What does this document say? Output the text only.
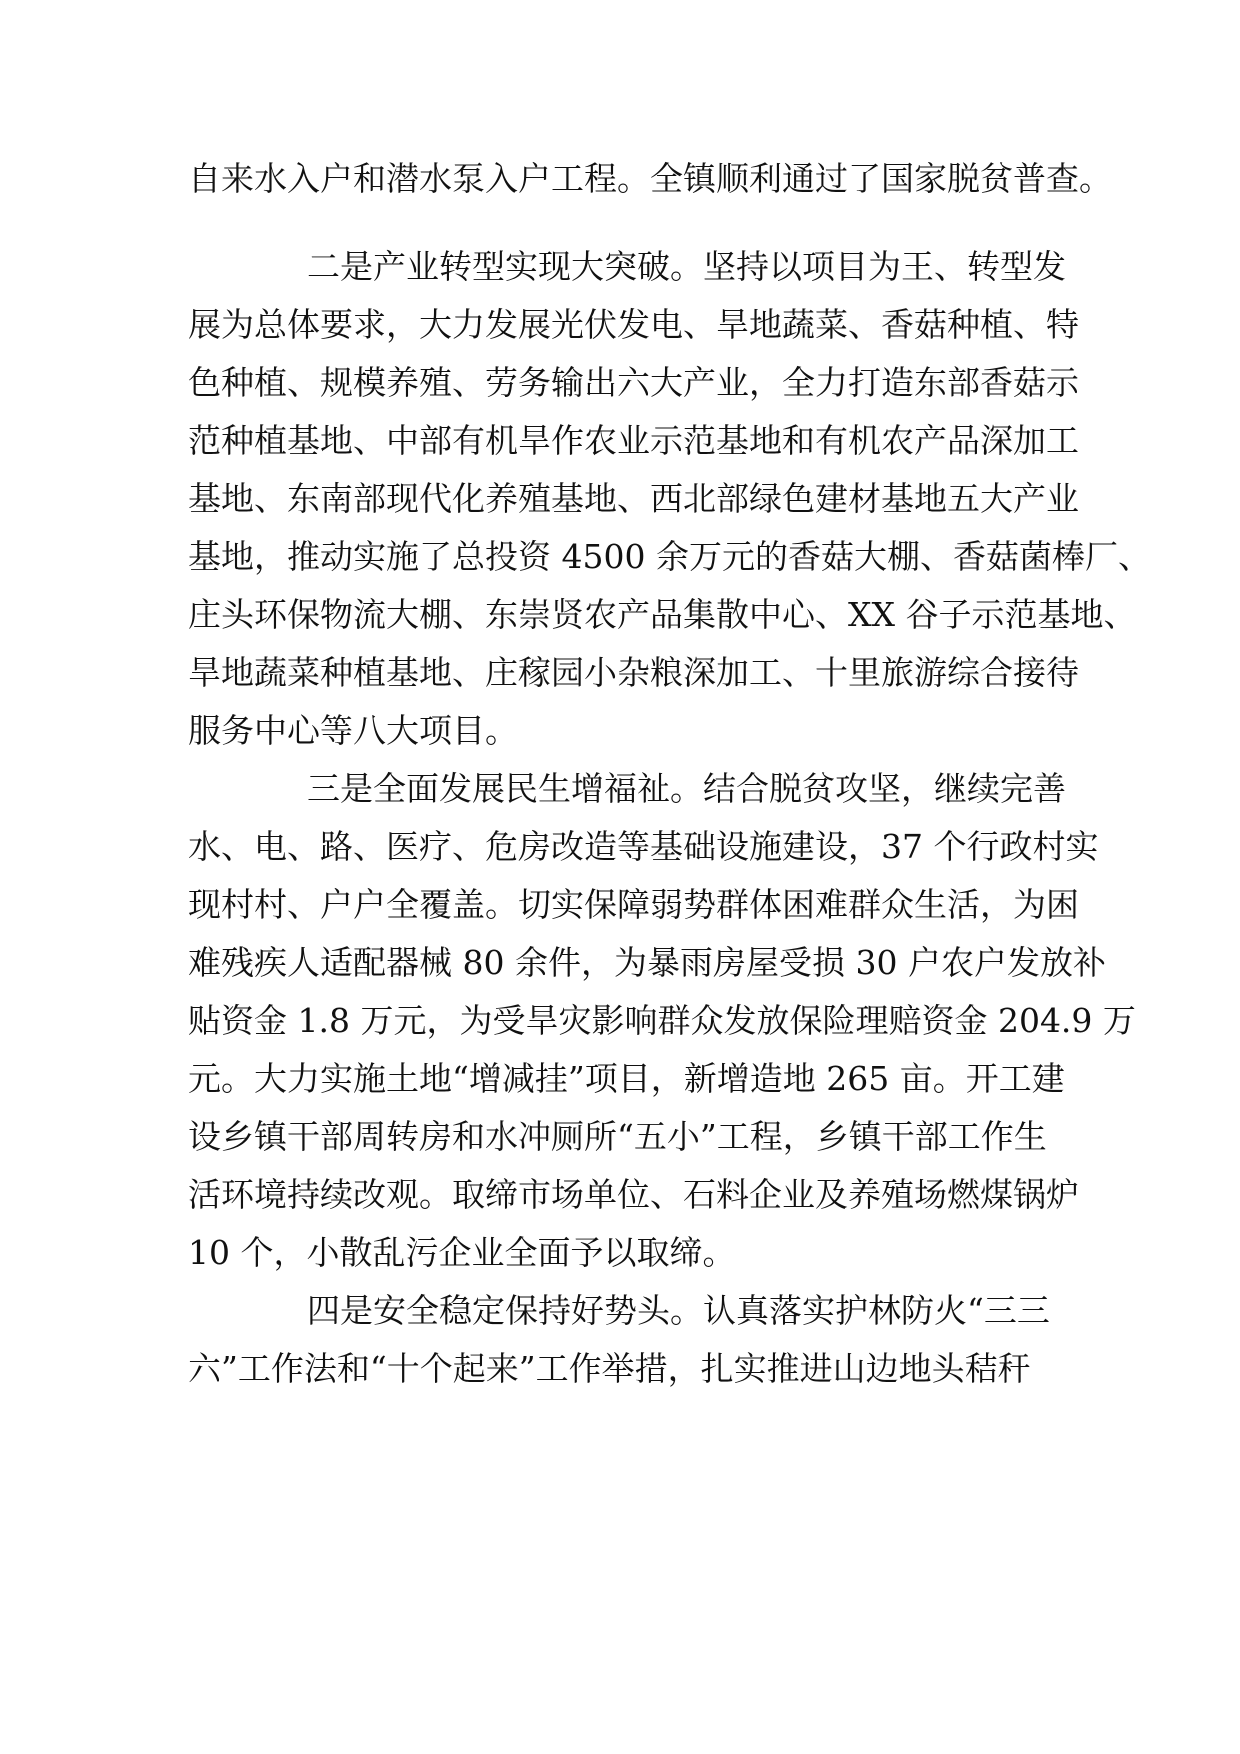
自来水入户和潜水泵入户工程。全镇顺利通过了国家脱贫普查。
二是产业转型实现大突破。坚持以项目为王、转型发
展为总体要求，大力发展光伏发电、旱地蔬菜、香菇种植、特
色种植、规模养殖、劳务输出六大产业，全力打造东部香菇示
范种植基地、中部有机旱作农业示范基地和有机农产品深加工
基地、东南部现代化养殖基地、西北部绿色建材基地五大产业
基地，推动实施了总投资 4500 余万元的香菇大棚、香菇菌棒厂、
庄头环保物流大棚、东崇贤农产品集散中心、XX 谷子示范基地、
旱地蔬菜种植基地、庄稼园小杂粮深加工、十里旅游综合接待
服务中心等八大项目。
三是全面发展民生增福祉。结合脱贫攻坚，继续完善
水、电、路、医疗、危房改造等基础设施建设，37 个行政村实
现村村、户户全覆盖。切实保障弱势群体困难群众生活，为困
难残疾人适配器械 80 余件，为暴雨房屋受损 30 户农户发放补
贴资金 1.8 万元，为受旱灾影响群众发放保险理赔资金 204.9 万
元。大力实施土地“增减挂”项目，新增造地 265 亩。开工建
设乡镇干部周转房和水冲厕所“五小”工程，乡镇干部工作生
活环境持续改观。取缔市场单位、石料企业及养殖场燃煤锅炉
10 个，小散乱污企业全面予以取缔。
四是安全稳定保持好势头。认真落实护林防火“三三
六”工作法和“十个起来”工作举措，扎实推进山边地头秸秆
